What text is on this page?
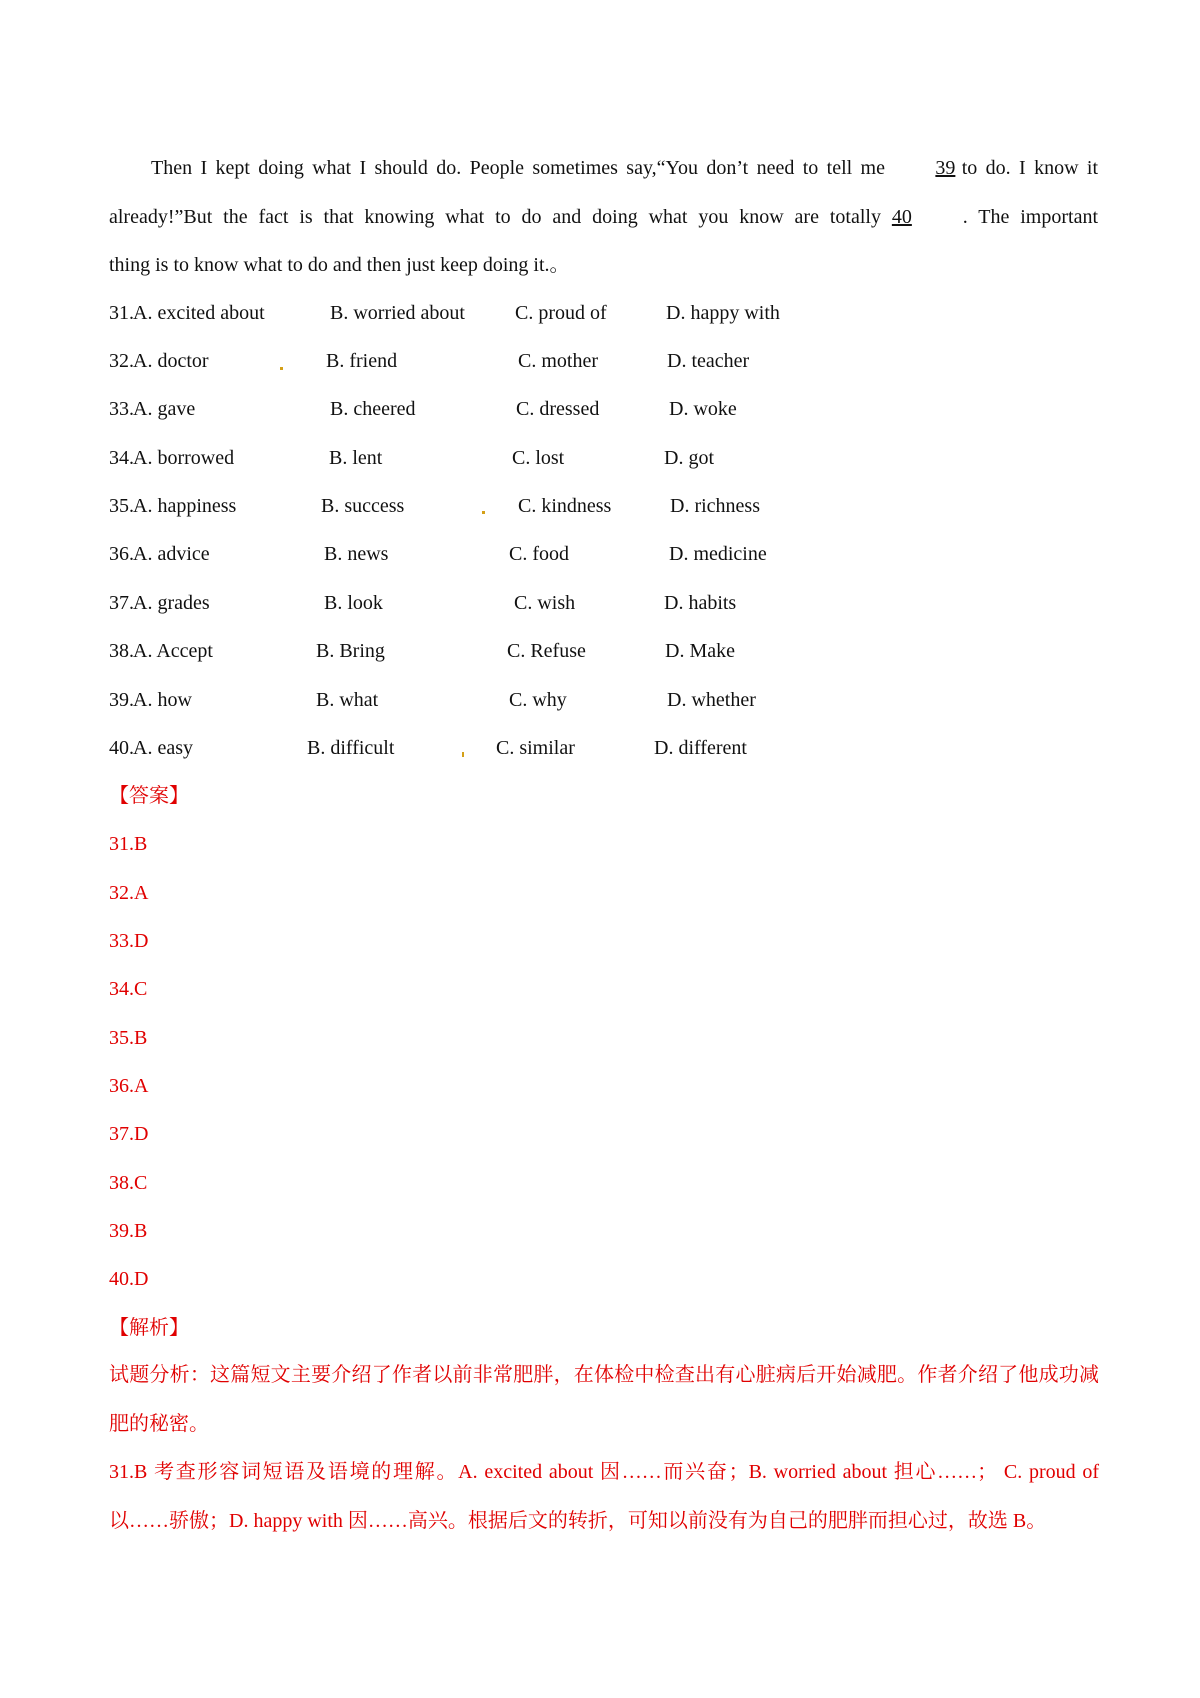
Then I kept doing what I should do. People sometimes say,“You don’t need to tell me	39 to do. I know it
already!”But the fact is that knowing what to do and doing what you know are totally 40	. The important
thing is to know what to do and then just keep doing it.。
31. A. excited about	B. worried about	C. proud of	D. happy with
32. A. doctor	B. friend	C. mother	D. teacher
33. A. gave	B. cheered	C. dressed	D. woke
34. A. borrowed	B. lent	C. lost	D. got
35. A. happiness	B. success	C. kindness	D. richness
36. A. advice	B. news	C. food	D. medicine
37. A. grades	B. look	C. wish	D. habits
38. A. Accept	B. Bring	C. Refuse	D. Make
39. A. how	B. what	C. why	D. whether
40. A. easy	B. difficult	C. similar	D. different
【答案】
31.B
32.A
33.D
34.C
35.B
36.A
37.D
38.C
39.B
40.D
【解析】
试题分析：这篇短文主要介绍了作者以前非常肥胖，在体检中检查出有心脏病后开始减肥。作者介绍了他成功减肥的秘密。
31.B 考查形容词短语及语境的理解。A. excited about 因……而兴奋；B. worried about 担心……； C. proud of 以……骄傲；D. happy with 因……高兴。根据后文的转折，可知以前没有为自己的肥胖而担心过，故选 B。
